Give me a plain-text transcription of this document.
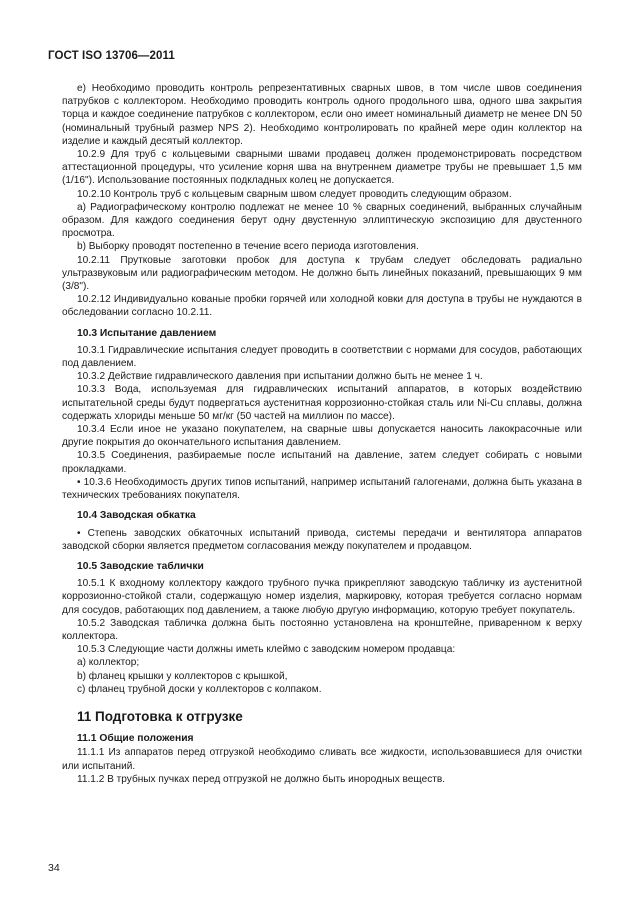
ГОСТ ISO 13706—2011

е) Необходимо проводить контроль репрезентативных сварных швов, в том числе швов соединения патрубков с коллектором. Необходимо проводить контроль одного продольного шва, одного шва закрытия торца и каждое соединение патрубков с коллектором, если оно имеет номинальный диаметр не менее DN 50 (номинальный трубный размер NPS 2). Необходимо контролировать по крайней мере один коллектор на изделие и каждый десятый коллектор.

10.2.9 Для труб с кольцевыми сварными швами продавец должен продемонстрировать посредством аттестационной процедуры, что усиление корня шва на внутреннем диаметре трубы не превышает 1,5 мм (1/16"). Использование постоянных подкладных колец не допускается.

10.2.10 Контроль труб с кольцевым сварным швом следует проводить следующим образом.

a) Радиографическому контролю подлежат не менее 10 % сварных соединений, выбранных случайным образом. Для каждого соединения берут одну двустенную эллиптическую экспозицию для двустенного просмотра.

b) Выборку проводят постепенно в течение всего периода изготовления.

10.2.11 Прутковые заготовки пробок для доступа к трубам следует обследовать радиально ультразвуковым или радиографическим методом. Не должно быть линейных показаний, превышающих 9 мм (3/8").

10.2.12 Индивидуально кованые пробки горячей или холодной ковки для доступа в трубы не нуждаются в обследовании согласно 10.2.11.

10.3 Испытание давлением

10.3.1 Гидравлические испытания следует проводить в соответствии с нормами для сосудов, работающих под давлением.

10.3.2 Действие гидравлического давления при испытании должно быть не менее 1 ч.

10.3.3 Вода, используемая для гидравлических испытаний аппаратов, в которых воздействию испытательной среды будут подвергаться аустенитная коррозионно-стойкая сталь или Ni-Cu сплавы, должна содержать хлориды меньше 50 мг/кг (50 частей на миллион по массе).

10.3.4 Если иное не указано покупателем, на сварные швы допускается наносить лакокрасочные или другие покрытия до окончательного испытания давлением.

10.3.5 Соединения, разбираемые после испытаний на давление, затем следует собирать с новыми прокладками.

• 10.3.6 Необходимость других типов испытаний, например испытаний галогенами, должна быть указана в технических требованиях покупателя.

10.4 Заводская обкатка

• Степень заводских обкаточных испытаний привода, системы передачи и вентилятора аппаратов заводской сборки является предметом согласования между покупателем и продавцом.

10.5 Заводские таблички

10.5.1 К входному коллектору каждого трубного пучка прикрепляют заводскую табличку из аустенитной коррозионно-стойкой стали, содержащую номер изделия, маркировку, которая требуется согласно нормам для сосудов, работающих под давлением, а также любую другую информацию, которую требует покупатель.

10.5.2 Заводская табличка должна быть постоянно установлена на кронштейне, приваренном к верху коллектора.

10.5.3 Следующие части должны иметь клеймо с заводским номером продавца:

а) коллектор;

b) фланец крышки у коллекторов с крышкой,

c) фланец трубной доски у коллекторов с колпаком.

11 Подготовка к отгрузке
11.1 Общие положения

11.1.1 Из аппаратов перед отгрузкой необходимо сливать все жидкости, использовавшиеся для очистки или испытаний.

11.1.2 В трубных пучках перед отгрузкой не должно быть инородных веществ.

34
